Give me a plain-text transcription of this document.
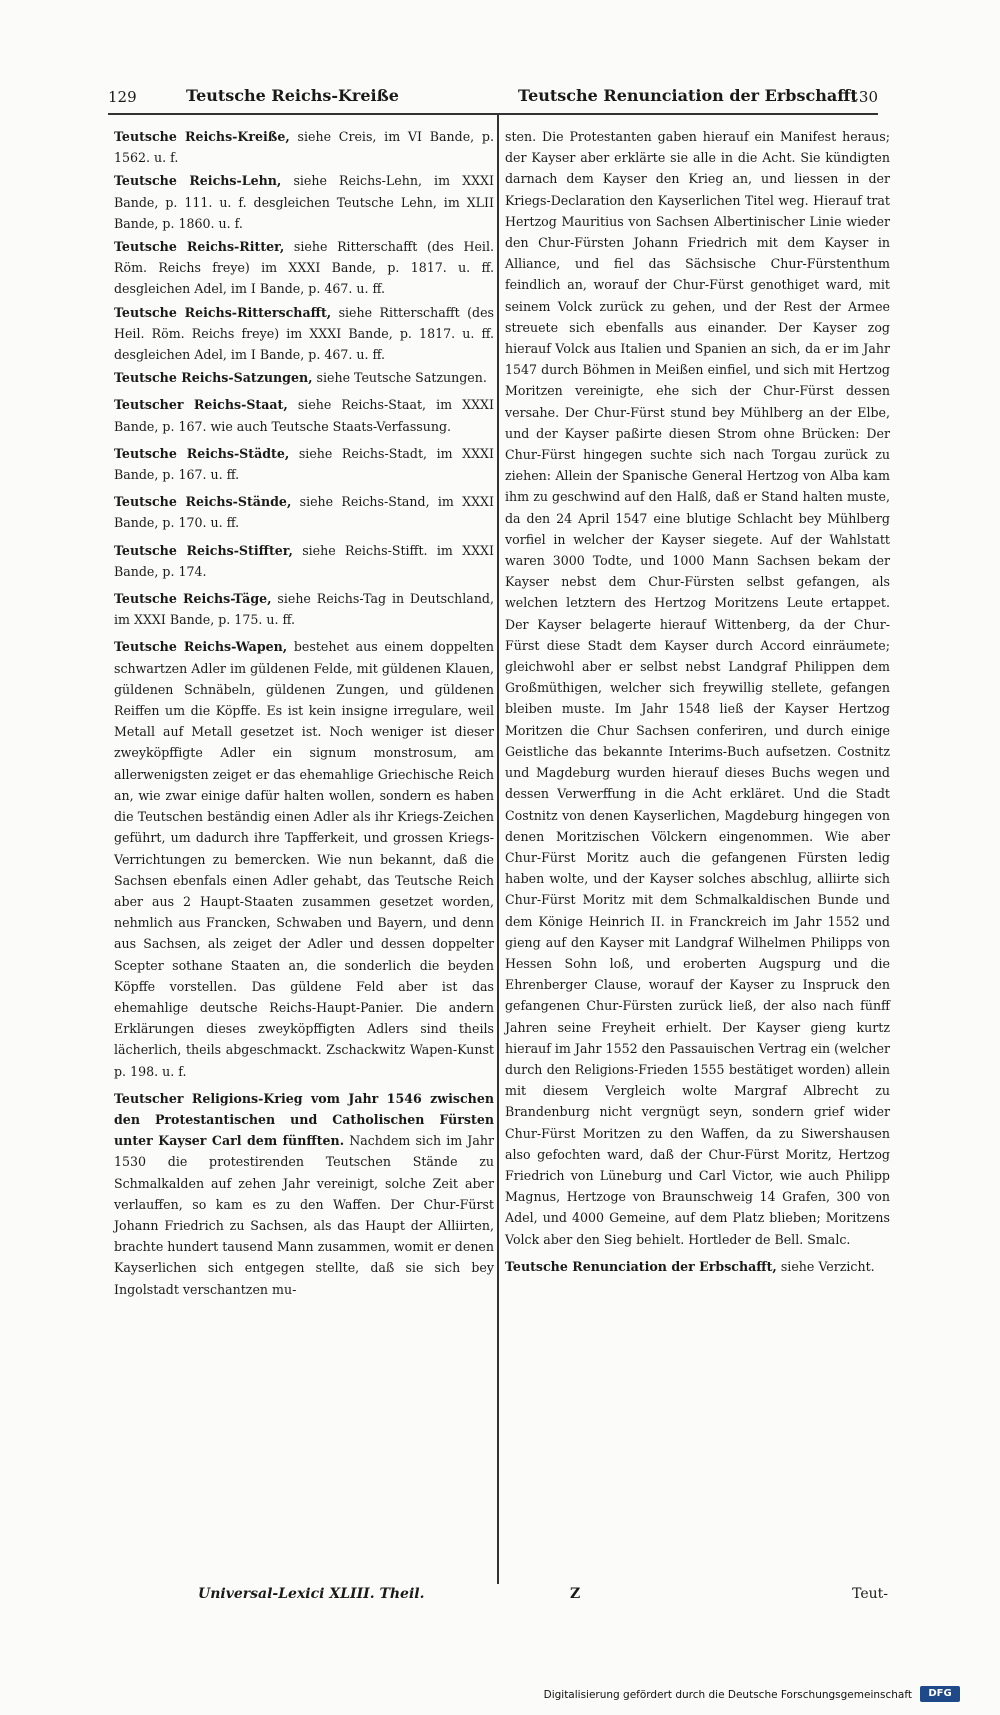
129	Teutsche Reichs-Kreiße	Teutsche Renunciation der Erbschafft
130

Teutsche Reichs-Kreiße, siehe Creis, im VI Bande, p. 1562. u. f.

Teutsche Reichs-Lehn, siehe Reichs-Lehn, im XXXI Bande, p. 111. u. f. desgleichen Teutsche Lehn, im XLII Bande, p. 1860. u. f.

Teutsche Reichs-Ritter, siehe Ritterschafft (des Heil. Röm. Reichs freye) im XXXI Bande, p. 1817. u. ff. desgleichen Adel, im I Bande, p. 467. u. ff.

Teutsche Reichs-Ritterschafft, siehe Ritterschafft (des Heil. Röm. Reichs freye) im XXXI Bande, p. 1817. u. ff. desgleichen Adel, im I Bande, p. 467. u. ff.

Teutsche Reichs-Satzungen, siehe Teutsche Satzungen.

Teutscher Reichs-Staat, siehe Reichs-Staat, im XXXI Bande, p. 167. wie auch Teutsche Staats-Verfassung.

Teutsche Reichs-Städte, siehe Reichs-Stadt, im XXXI Bande, p. 167. u. ff.

Teutsche Reichs-Stände, siehe Reichs-Stand, im XXXI Bande, p. 170. u. ff.

Teutsche Reichs-Stiffter, siehe Reichs-Stifft. im XXXI Bande, p. 174.

Teutsche Reichs-Täge, siehe Reichs-Tag in Deutschland, im XXXI Bande, p. 175. u. ff.

Teutsche Reichs-Wapen, bestehet aus einem doppelten schwartzen Adler im güldenen Felde, mit güldenen Klauen, güldenen Schnäbeln, güldenen Zungen, und güldenen Reiffen um die Köpffe. Es ist kein insigne irregulare, weil Metall auf Metall gesetzet ist. Noch weniger ist dieser zweyköpffigte Adler ein signum monstrosum, am allerwenigsten zeiget er das ehemahlige Griechische Reich an, wie zwar einige dafür halten wollen, sondern es haben die Teutschen beständig einen Adler als ihr Kriegs-Zeichen geführt, um dadurch ihre Tapfferkeit, und grossen Kriegs-Verrichtungen zu bemercken. Wie nun bekannt, daß die Sachsen ebenfals einen Adler gehabt, das Teutsche Reich aber aus 2 Haupt-Staaten zusammen gesetzet worden, nehmlich aus Francken, Schwaben und Bayern, und denn aus Sachsen, als zeiget der Adler und dessen doppelter Scepter sothane Staaten an, die sonderlich die beyden Köpffe vorstellen. Das güldene Feld aber ist das ehemahlige deutsche Reichs-Haupt-Panier. Die andern Erklärungen dieses zweyköpffigten Adlers sind theils lächerlich, theils abgeschmackt. Zschackwitz Wapen-Kunst p. 198. u. f.

Teutscher Religions-Krieg vom Jahr 1546 zwischen den Protestantischen und Catholischen Fürsten unter Kayser Carl dem fünfften. Nachdem sich im Jahr 1530 die protestirenden Teutschen Stände zu Schmalkalden auf zehen Jahr vereinigt, solche Zeit aber verlauffen, so kam es zu den Waffen. Der Chur-Fürst Johann Friedrich zu Sachsen, als das Haupt der Alliirten, brachte hundert tausend Mann zusammen, womit er denen Kayserlichen sich entgegen stellte, daß sie sich bey Ingolstadt verschantzen mu-

sten. Die Protestanten gaben hierauf ein Manifest heraus; der Kayser aber erklärte sie alle in die Acht. Sie kündigten darnach dem Kayser den Krieg an, und liessen in der Kriegs-Declaration den Kayserlichen Titel weg. Hierauf trat Hertzog Mauritius von Sachsen Albertinischer Linie wieder den Chur-Fürsten Johann Friedrich mit dem Kayser in Alliance, und fiel das Sächsische Chur-Fürstenthum feindlich an, worauf der Chur-Fürst genothiget ward, mit seinem Volck zurück zu gehen, und der Rest der Armee streuete sich ebenfalls aus einander. Der Kayser zog hierauf Volck aus Italien und Spanien an sich, da er im Jahr 1547 durch Böhmen in Meißen einfiel, und sich mit Hertzog Moritzen vereinigte, ehe sich der Chur-Fürst dessen versahe. Der Chur-Fürst stund bey Mühlberg an der Elbe, und der Kayser paßirte diesen Strom ohne Brücken: Der Chur-Fürst hingegen suchte sich nach Torgau zurück zu ziehen: Allein der Spanische General Hertzog von Alba kam ihm zu geschwind auf den Halß, daß er Stand halten muste, da den 24 April 1547 eine blutige Schlacht bey Mühlberg vorfiel in welcher der Kayser siegete. Auf der Wahlstatt waren 3000 Todte, und 1000 Mann Sachsen bekam der Kayser nebst dem Chur-Fürsten selbst gefangen, als welchen letztern des Hertzog Moritzens Leute ertappet. Der Kayser belagerte hierauf Wittenberg, da der Chur-Fürst diese Stadt dem Kayser durch Accord einräumete; gleichwohl aber er selbst nebst Landgraf Philippen dem Großmüthigen, welcher sich freywillig stellete, gefangen bleiben muste. Im Jahr 1548 ließ der Kayser Hertzog Moritzen die Chur Sachsen conferiren, und durch einige Geistliche das bekannte Interims-Buch aufsetzen. Costnitz und Magdeburg wurden hierauf dieses Buchs wegen und dessen Verwerffung in die Acht erkläret. Und die Stadt Costnitz von denen Kayserlichen, Magdeburg hingegen von denen Moritzischen Völckern eingenommen. Wie aber Chur-Fürst Moritz auch die gefangenen Fürsten ledig haben wolte, und der Kayser solches abschlug, alliirte sich Chur-Fürst Moritz mit dem Schmalkaldischen Bunde und dem Könige Heinrich II. in Franckreich im Jahr 1552 und gieng auf den Kayser mit Landgraf Wilhelmen Philipps von Hessen Sohn loß, und eroberten Augspurg und die Ehrenberger Clause, worauf der Kayser zu Inspruck den gefangenen Chur-Fürsten zurück ließ, der also nach fünff Jahren seine Freyheit erhielt. Der Kayser gieng kurtz hierauf im Jahr 1552 den Passauischen Vertrag ein (welcher durch den Religions-Frieden 1555 bestätiget worden) allein mit diesem Vergleich wolte Margraf Albrecht zu Brandenburg nicht vergnügt seyn, sondern grief wider Chur-Fürst Moritzen zu den Waffen, da zu Siwershausen also gefochten ward, daß der Chur-Fürst Moritz, Hertzog Friedrich von Lüneburg und Carl Victor, wie auch Philipp Magnus, Hertzoge von Braunschweig 14 Grafen, 300 von Adel, und 4000 Gemeine, auf dem Platz blieben; Moritzens Volck aber den Sieg behielt. Hortleder de Bell. Smalc.

Teutsche Renunciation der Erbschafft, siehe Verzicht.

Universal-Lexici XLIII. Theil.	Z	Teut-
Digitalisierung gefördert durch die Deutsche Forschungsgemeinschaft	DFG
